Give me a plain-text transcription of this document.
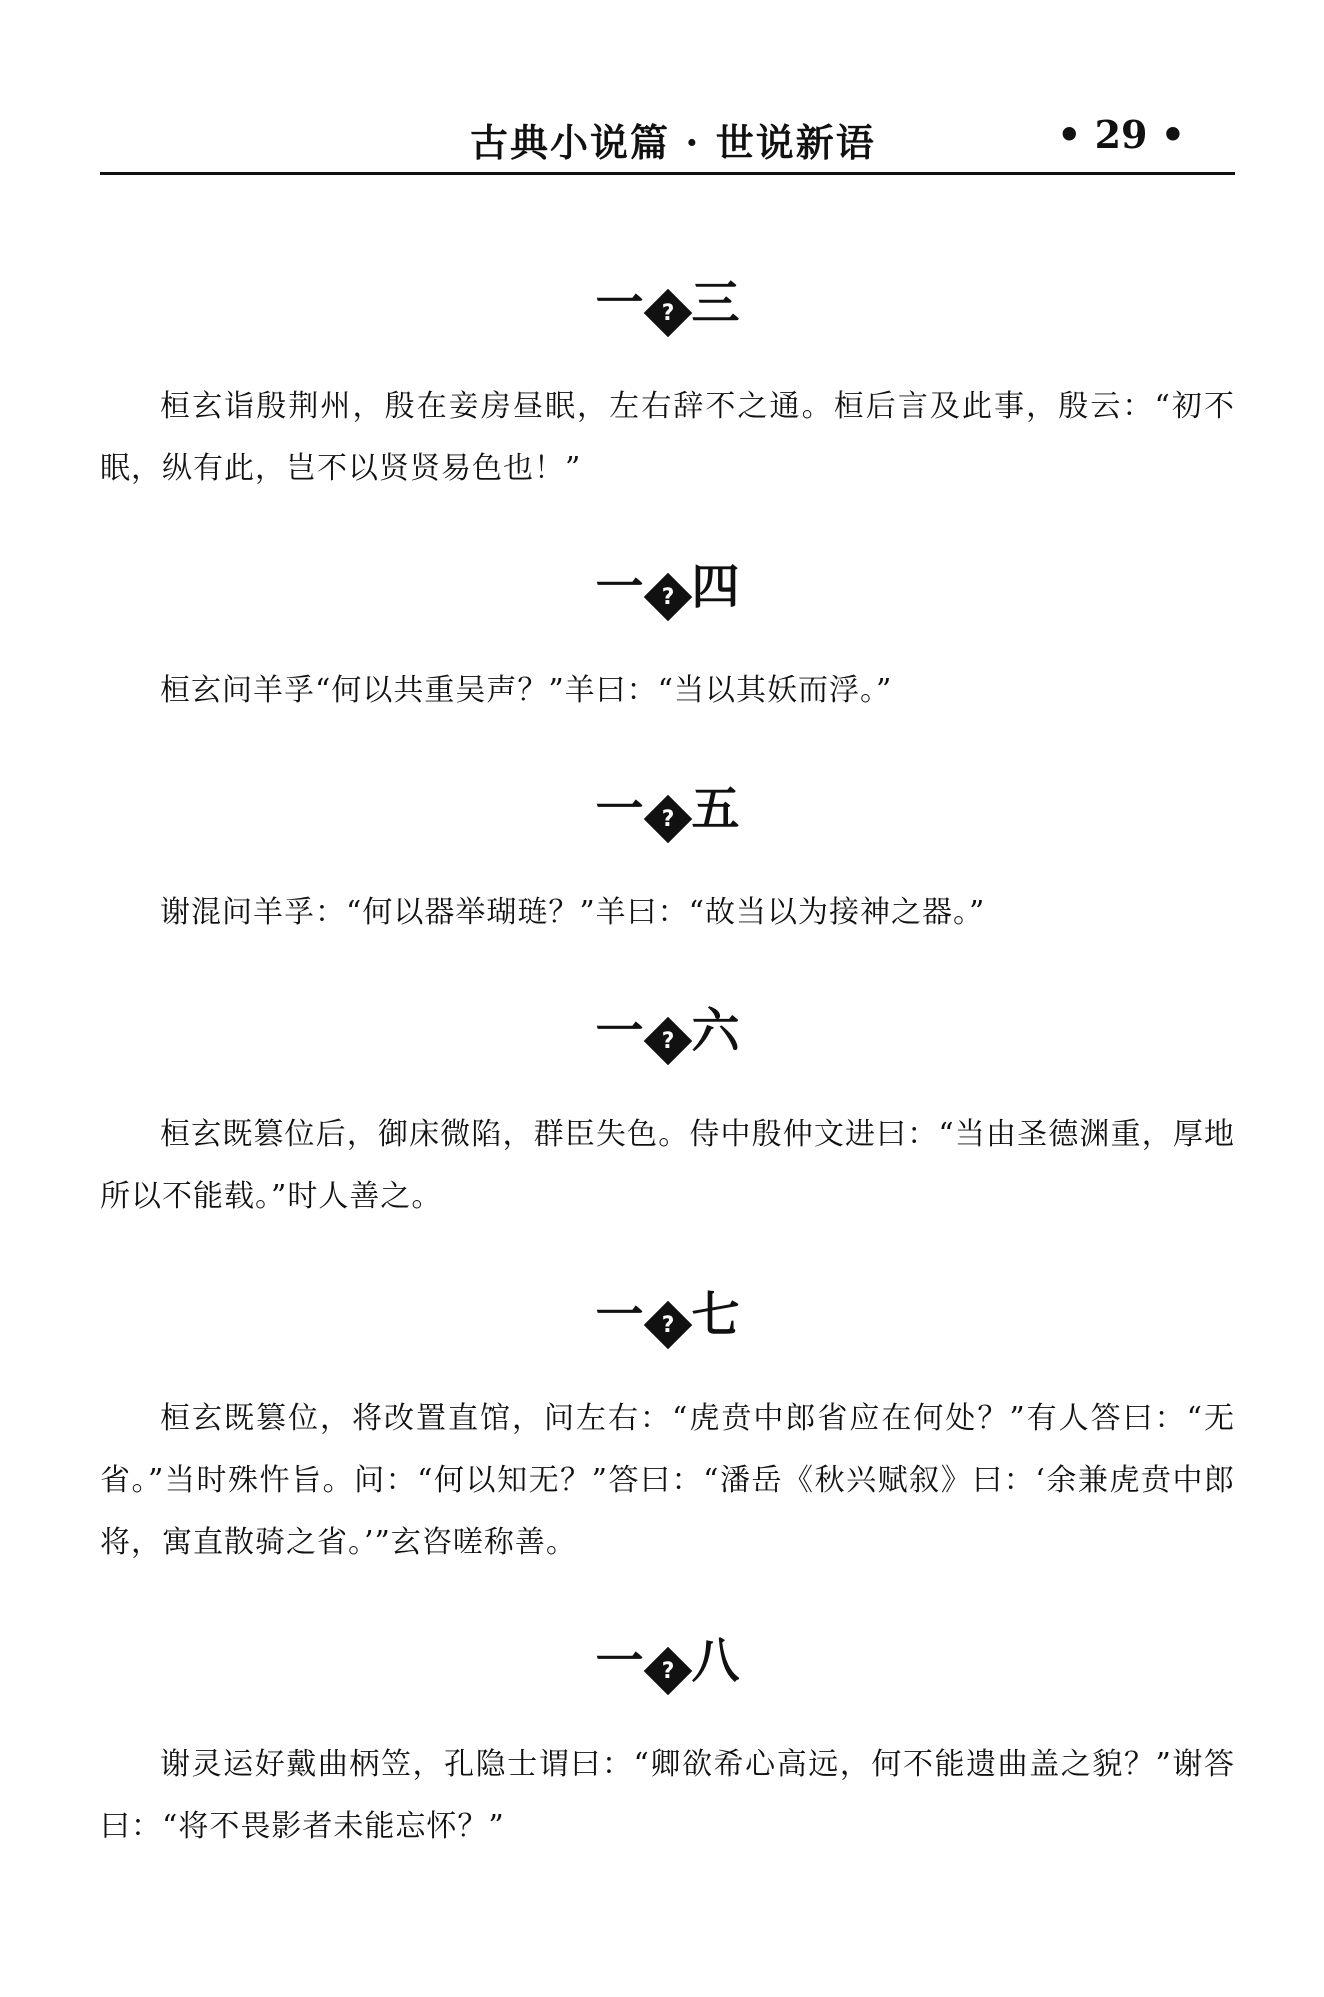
古典小说篇 · 世说新语	• 29 •
一 ? 三

桓玄诣殷荆州，殷在妾房昼眠，左右辞不之通。桓后言及此事，殷云：“初不眠，纵有此，岂不以贤贤易色也！”

一 ? 四

桓玄问羊孚“何以共重吴声？”羊曰：“当以其妖而浮。”

一 ? 五

谢混问羊孚：“何以器举瑚琏？”羊曰：“故当以为接神之器。”

一 ? 六

桓玄既篡位后，御床微陷，群臣失色。侍中殷仲文进曰：“当由圣德渊重，厚地所以不能载。”时人善之。

一 ? 七

桓玄既篡位，将改置直馆，问左右：“虎贲中郎省应在何处？”有人答曰：“无省。”当时殊忤旨。问：“何以知无？”答曰：“潘岳《秋兴赋叙》曰：‘余兼虎贲中郎将，寓直散骑之省。’”玄咨嗟称善。

一 ? 八

谢灵运好戴曲柄笠，孔隐士谓曰：“卿欲希心高远，何不能遗曲盖之貌？”谢答曰：“将不畏影者未能忘怀？”
